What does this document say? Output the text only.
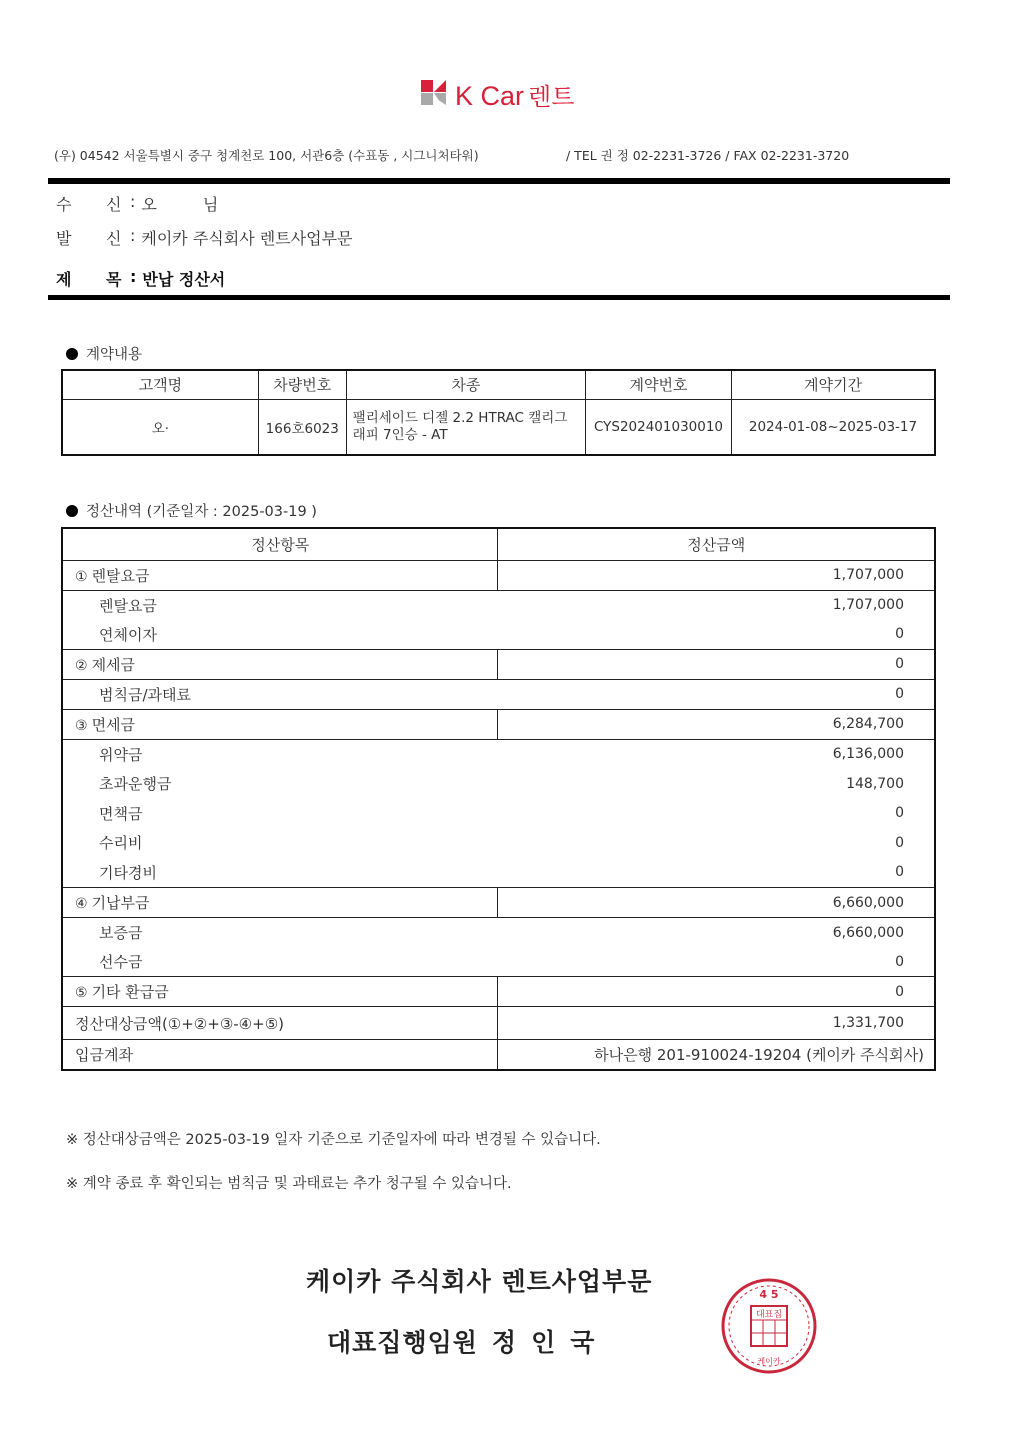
K Car 렌트
(우) 04542 서울특별시 중구 청계천로 100, 서관6층 (수표동 , 시그니처타워)	/ TEL 권 정 02-2231-3726 / FAX 02-2231-3720
수	신 : 오	님
발	신 : 케이카 주식회사 렌트사업부문
제	목 : 반납 정산서
계약내용
고객명	차량번호	차종	계약번호	계약기간
오·	166호6023	팰리세이드 디젤 2.2 HTRAC 캘리그래피 7인승 - AT	CYS202401030010	2024-01-08~2025-03-17
정산내역 (기준일자 : 2025-03-19 )
정산항목	정산금액
① 렌탈요금	1,707,000
렌탈요금	1,707,000
연체이자	0
② 제세금	0
범칙금/과태료	0
③ 면세금	6,284,700
위약금	6,136,000
초과운행금	148,700
면책금	0
수리비	0
기타경비	0
④ 기납부금	6,660,000
보증금	6,660,000
선수금	0
⑤ 기타 환급금	0
정산대상금액(①+②+③-④+⑤)	1,331,700
입금계좌	하나은행 201-910024-19204 (케이카 주식회사)
※ 정산대상금액은 2025-03-19 일자 기준으로 기준일자에 따라 변경될 수 있습니다.
※ 계약 종료 후 확인되는 범칙금 및 과태료는 추가 청구될 수 있습니다.
케이카 주식회사 렌트사업부문
대표집행임원 정 인 국
4 5
대표집
케이카
